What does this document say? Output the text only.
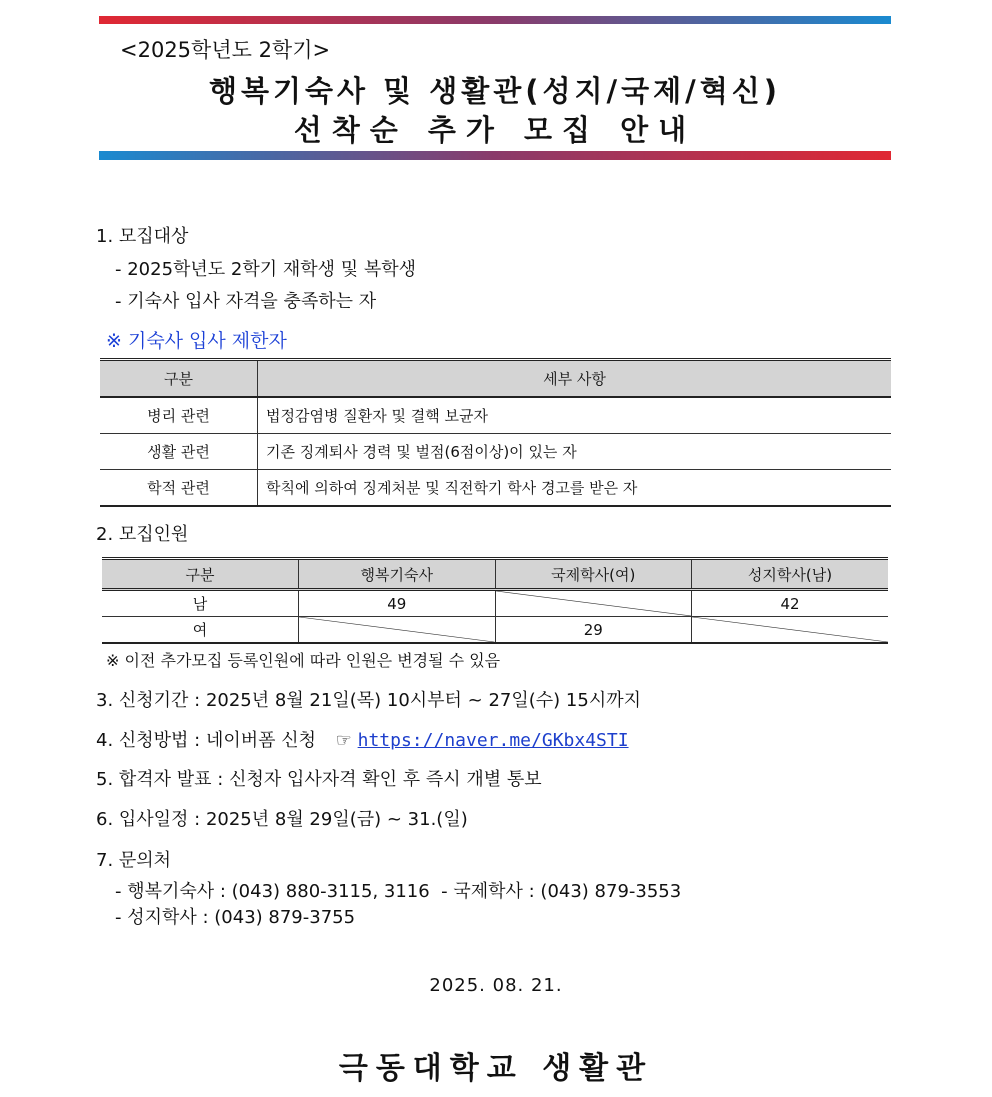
<2025학년도 2학기>
행복기숙사 및 생활관(성지/국제/혁신)
선착순 추가 모집 안내
1. 모집대상
- 2025학년도 2학기 재학생 및 복학생
- 기숙사 입사 자격을 충족하는 자
※ 기숙사 입사 제한자
구분	세부 사항
병리 관련	법정감염병 질환자 및 결핵 보균자
생활 관련	기존 징계퇴사 경력 및 벌점(6점이상)이 있는 자
학적 관련	학칙에 의하여 징계처분 및 직전학기 학사 경고를 받은 자
2. 모집인원
구분	행복기숙사	국제학사(여)	성지학사(남)
남	49		42
여		29	
※ 이전 추가모집 등록인원에 따라 인원은 변경될 수 있음
3. 신청기간 : 2025년 8월 21일(목) 10시부터 ~ 27일(수) 15시까지
4. 신청방법 : 네이버폼 신청 ☞ https://naver.me/GKbx4STI
5. 합격자 발표 : 신청자 입사자격 확인 후 즉시 개별 통보
6. 입사일정 : 2025년 8월 29일(금) ~ 31.(일)
7. 문의처
- 행복기숙사 : (043) 880-3115, 3116  - 국제학사 : (043) 879-3553
- 성지학사 : (043) 879-3755
2025. 08. 21.
극동대학교 생활관
